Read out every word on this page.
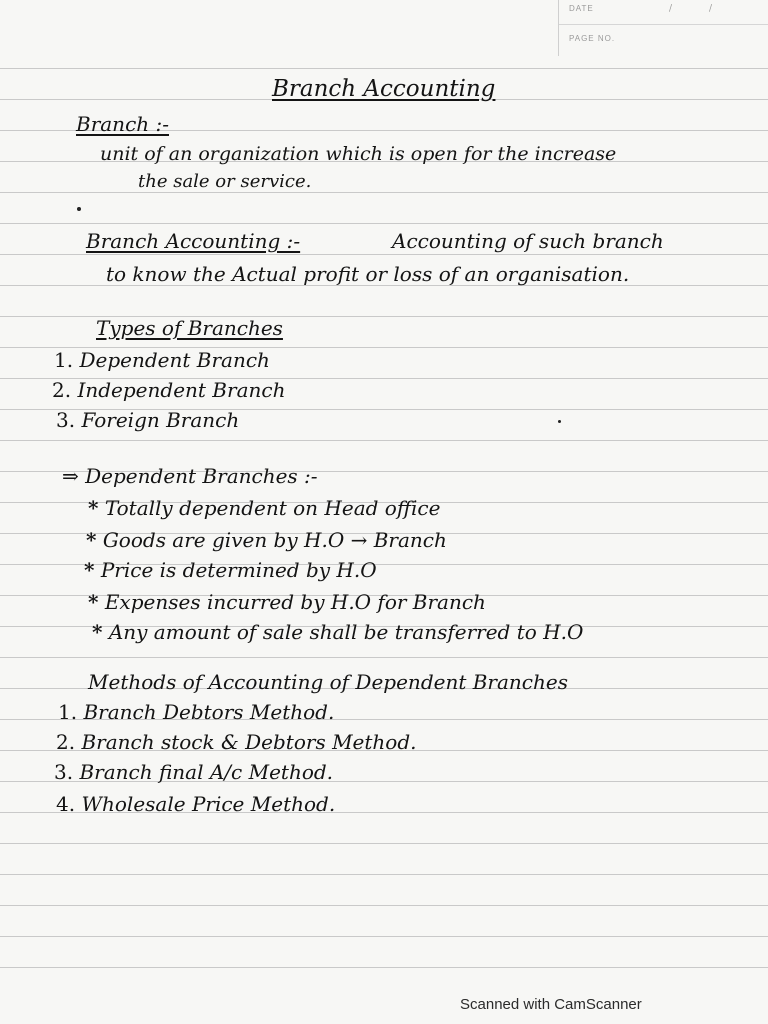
DATE	/	/
PAGE NO.
Branch Accounting
Branch :-
unit of an organization which is open for the increase
the sale or service.
Branch Accounting :-	Accounting of such branch
to know the Actual profit or loss of an organisation.
Types of Branches
1. Dependent Branch
2. Independent Branch
3. Foreign Branch
⇒ Dependent Branches :-
* Totally dependent on Head office
* Goods are given by H.O → Branch
* Price is determined by H.O
* Expenses incurred by H.O for Branch
* Any amount of sale shall be transferred to H.O
Methods of Accounting of Dependent Branches
1. Branch Debtors Method.
2. Branch stock & Debtors Method.
3. Branch final A/c Method.
4. Wholesale Price Method.
Scanned with CamScanner
